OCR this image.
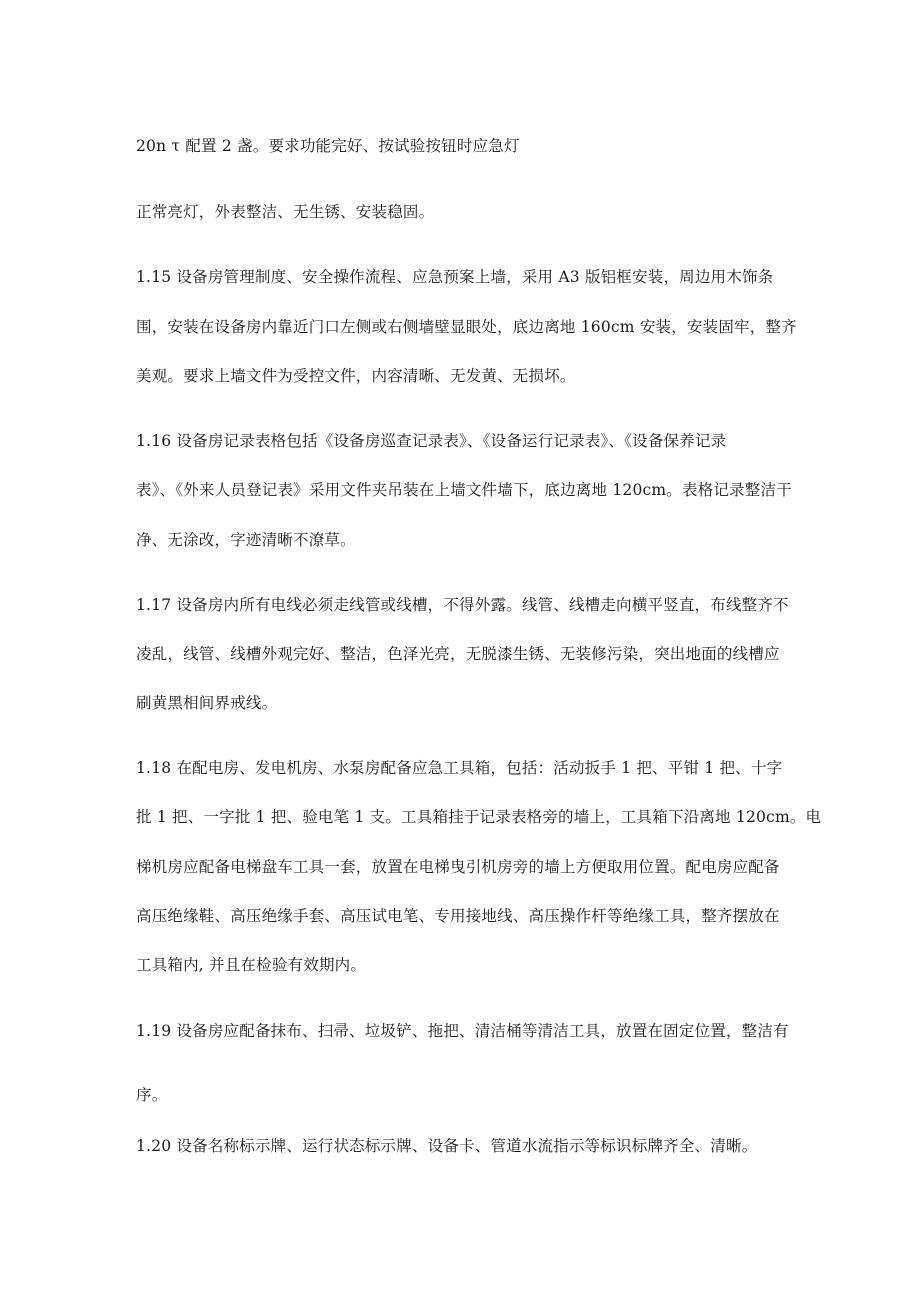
20n τ 配置 2 盏。要求功能完好、按试验按钮时应急灯
正常亮灯，外表整洁、无生锈、安装稳固。
1.15 设备房管理制度、安全操作流程、应急预案上墙，采用 A3 版铝框安装，周边用木饰条
围，安装在设备房内靠近门口左侧或右侧墙壁显眼处，底边离地 160cm 安装，安装固牢，整齐
美观。要求上墙文件为受控文件，内容清晰、无发黄、无损坏。
1.16 设备房记录表格包括《设备房巡查记录表》、《设备运行记录表》、《设备保养记录
表》、《外来人员登记表》采用文件夹吊装在上墙文件墙下，底边离地 120cm。表格记录整洁干
净、无涂改，字迹清晰不潦草。
1.17 设备房内所有电线必须走线管或线槽，不得外露。线管、线槽走向横平竖直，布线整齐不
凌乱，线管、线槽外观完好、整洁，色泽光亮，无脱漆生锈、无装修污染，突出地面的线槽应
刷黄黑相间界戒线。
1.18 在配电房、发电机房、水泵房配备应急工具箱，包括：活动扳手 1 把、平钳 1 把、十字
批 1 把、一字批 1 把、验电笔 1 支。工具箱挂于记录表格旁的墙上，工具箱下沿离地 120cm。电
梯机房应配备电梯盘车工具一套，放置在电梯曳引机房旁的墙上方便取用位置。配电房应配备
高压绝缘鞋、高压绝缘手套、高压试电笔、专用接地线、高压操作杆等绝缘工具，整齐摆放在
工具箱内, 并且在检验有效期内。
1.19 设备房应配备抹布、扫帚、垃圾铲、拖把、清洁桶等清洁工具，放置在固定位置，整洁有
序。
1.20 设备名称标示牌、运行状态标示牌、设备卡、管道水流指示等标识标牌齐全、清晰。
